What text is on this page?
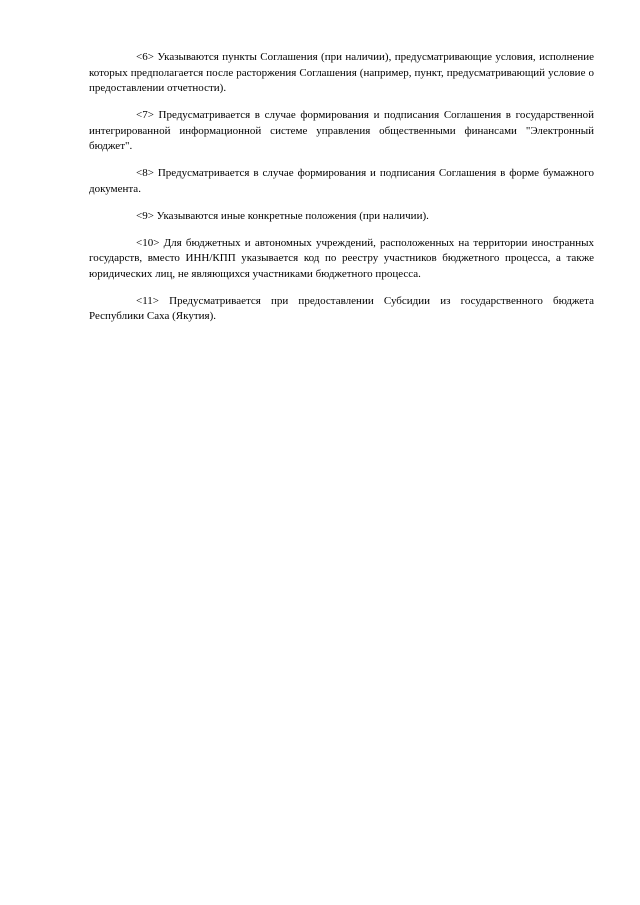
<6> Указываются пункты Соглашения (при наличии), предусматривающие условия, исполнение которых предполагается после расторжения Соглашения (например, пункт, предусматривающий условие о предоставлении отчетности).

<7> Предусматривается в случае формирования и подписания Соглашения в государственной интегрированной информационной системе управления общественными финансами "Электронный бюджет".

<8> Предусматривается в случае формирования и подписания Соглашения в форме бумажного документа.

<9> Указываются иные конкретные положения (при наличии).

<10> Для бюджетных и автономных учреждений, расположенных на территории иностранных государств, вместо ИНН/КПП указывается код по реестру участников бюджетного процесса, а также юридических лиц, не являющихся участниками бюджетного процесса.

<11> Предусматривается при предоставлении Субсидии из государственного бюджета Республики Саха (Якутия).
